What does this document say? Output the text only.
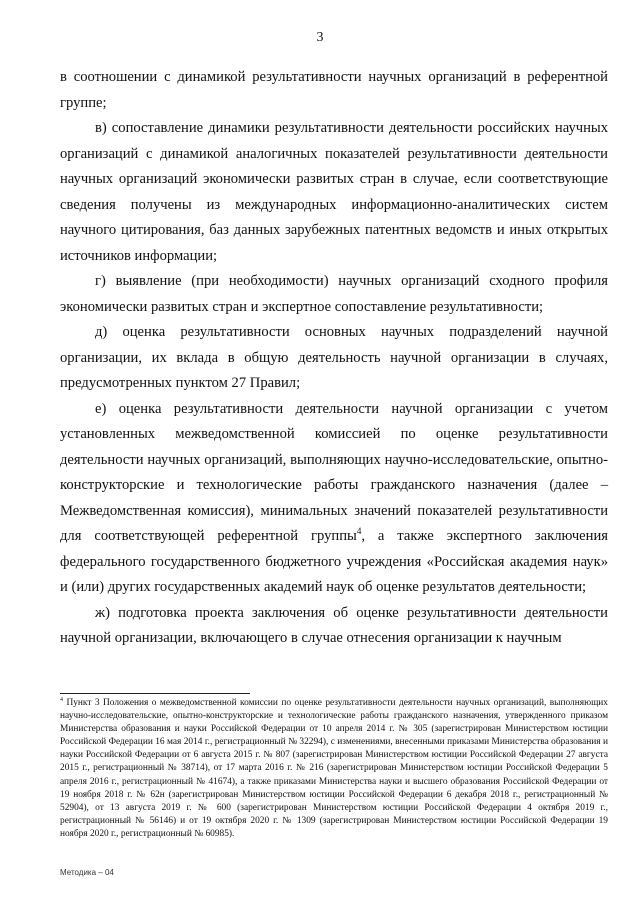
3

в соотношении с динамикой результативности научных организаций в референтной группе;

в) сопоставление динамики результативности деятельности российских научных организаций с динамикой аналогичных показателей результативности деятельности научных организаций экономически развитых стран в случае, если соответствующие сведения получены из международных информационно-аналитических систем научного цитирования, баз данных зарубежных патентных ведомств и иных открытых источников информации;

г) выявление (при необходимости) научных организаций сходного профиля экономически развитых стран и экспертное сопоставление результативности;

д) оценка результативности основных научных подразделений научной организации, их вклада в общую деятельность научной организации в случаях, предусмотренных пунктом 27 Правил;

е) оценка результативности деятельности научной организации с учетом установленных межведомственной комиссией по оценке результативности деятельности научных организаций, выполняющих научно-исследовательские, опытно-конструкторские и технологические работы гражданского назначения (далее – Межведомственная комиссия), минимальных значений показателей результативности для соответствующей референтной группы$^4$, а также экспертного заключения федерального государственного бюджетного учреждения «Российская академия наук» и (или) других государственных академий наук об оценке результатов деятельности;

ж) подготовка проекта заключения об оценке результативности деятельности научной организации, включающего в случае отнесения организации к научным

$^4$ Пункт 3 Положения о межведомственной комиссии по оценке результативности деятельности научных организаций, выполняющих научно-исследовательские, опытно-конструкторские и технологические работы гражданского назначения, утвержденного приказом Министерства образования и науки Российской Федерации от 10 апреля 2014 г. № 305 (зарегистрирован Министерством юстиции Российской Федерации 16 мая 2014 г., регистрационный № 32294), с изменениями, внесенными приказами Министерства образования и науки Российской Федерации от 6 августа 2015 г. № 807 (зарегистрирован Министерством юстиции Российской Федерации 27 августа 2015 г., регистрационный № 38714), от 17 марта 2016 г. № 216 (зарегистрирован Министерством юстиции Российской Федерации 5 апреля 2016 г., регистрационный № 41674), а также приказами Министерства науки и высшего образования Российской Федерации от 19 ноября 2018 г. № 62н (зарегистрирован Министерством юстиции Российской Федерации 6 декабря 2018 г., регистрационный № 52904), от 13 августа 2019 г. № 600 (зарегистрирован Министерством юстиции Российской Федерации 4 октября 2019 г., регистрационный № 56146) и от 19 октября 2020 г. № 1309 (зарегистрирован Министерством юстиции Российской Федерации 19 ноября 2020 г., регистрационный № 60985).
Методика – 04
